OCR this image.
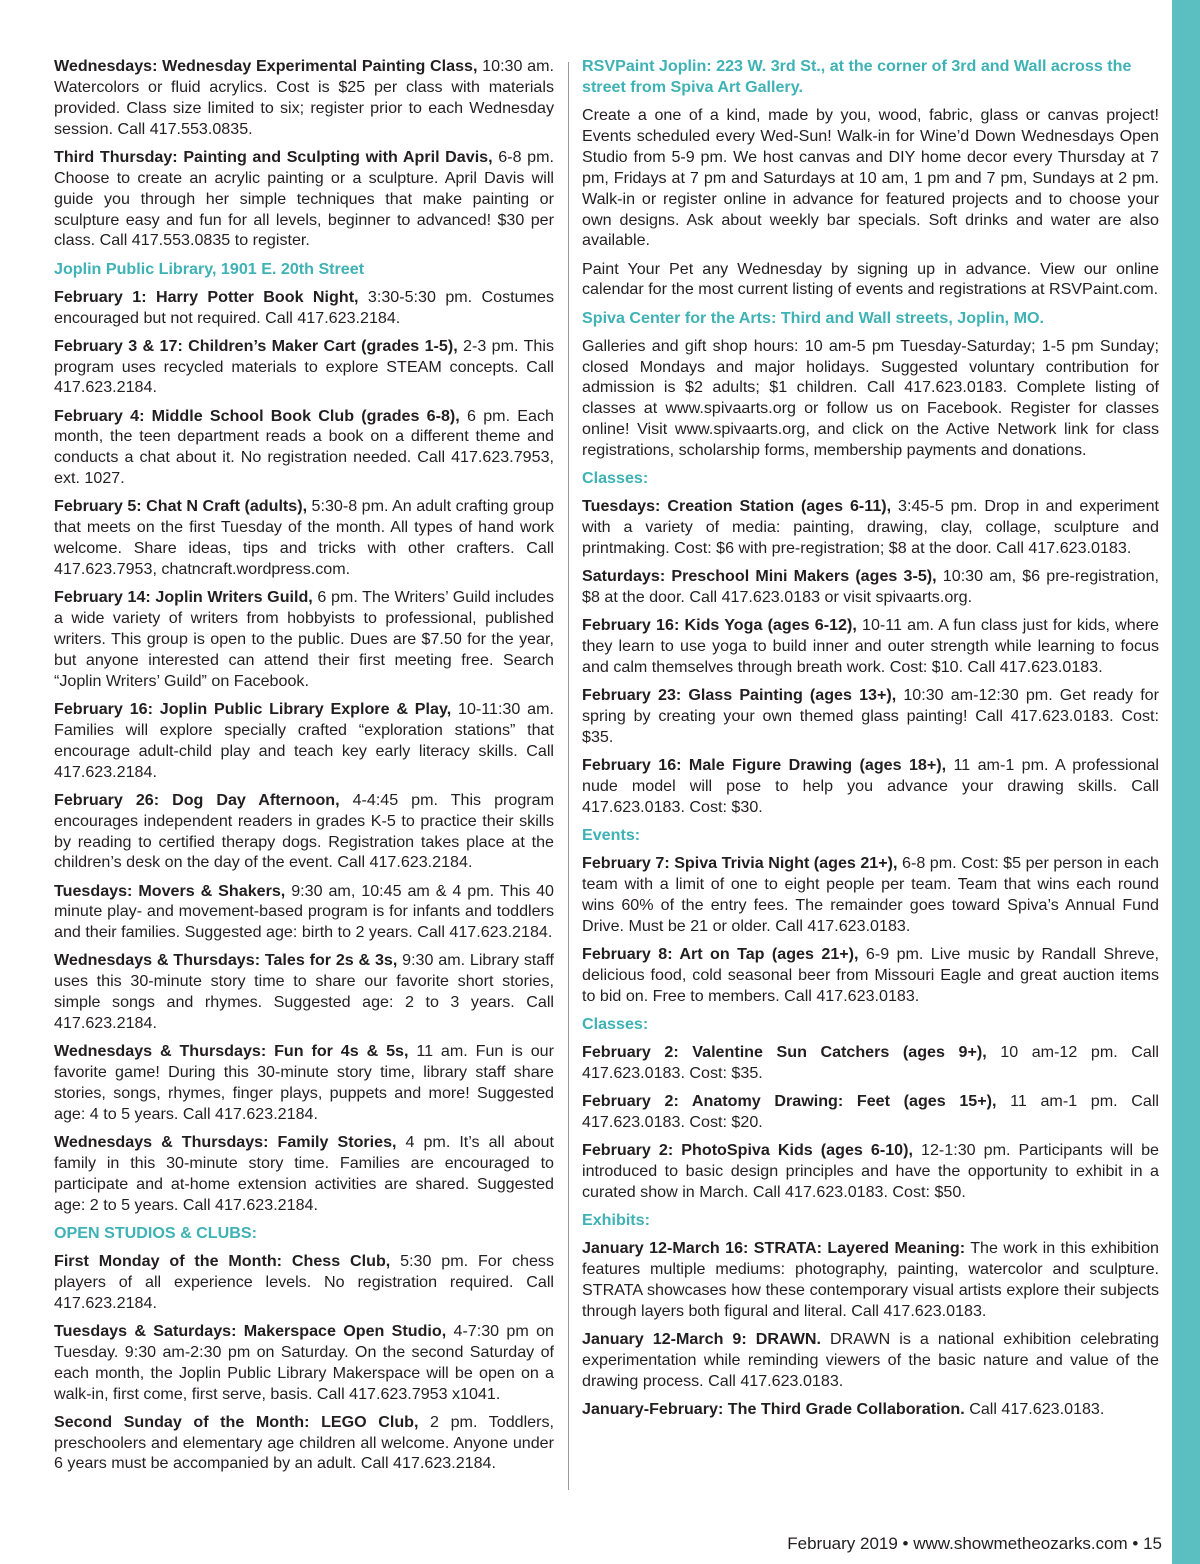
Wednesdays: Wednesday Experimental Painting Class, 10:30 am. Watercolors or fluid acrylics. Cost is $25 per class with materials provided. Class size limited to six; register prior to each Wednesday session. Call 417.553.0835.
Third Thursday: Painting and Sculpting with April Davis, 6-8 pm. Choose to create an acrylic painting or a sculpture. April Davis will guide you through her simple techniques that make painting or sculpture easy and fun for all levels, beginner to advanced! $30 per class. Call 417.553.0835 to register.
Joplin Public Library, 1901 E. 20th Street
February 1: Harry Potter Book Night, 3:30-5:30 pm. Costumes encouraged but not required. Call 417.623.2184.
February 3 & 17: Children’s Maker Cart (grades 1-5), 2-3 pm. This program uses recycled materials to explore STEAM concepts. Call 417.623.2184.
February 4: Middle School Book Club (grades 6-8), 6 pm. Each month, the teen department reads a book on a different theme and conducts a chat about it. No registration needed. Call 417.623.7953, ext. 1027.
February 5: Chat N Craft (adults), 5:30-8 pm. An adult crafting group that meets on the first Tuesday of the month. All types of hand work welcome. Share ideas, tips and tricks with other crafters. Call 417.623.7953, chatncraft.wordpress.com.
February 14: Joplin Writers Guild, 6 pm. The Writers’ Guild includes a wide variety of writers from hobbyists to professional, published writers. This group is open to the public. Dues are $7.50 for the year, but anyone interested can attend their first meeting free. Search “Joplin Writers’ Guild” on Facebook.
February 16: Joplin Public Library Explore & Play, 10-11:30 am. Families will explore specially crafted “exploration stations” that encourage adult-child play and teach key early literacy skills. Call 417.623.2184.
February 26: Dog Day Afternoon, 4-4:45 pm. This program encourages independent readers in grades K-5 to practice their skills by reading to certified therapy dogs. Registration takes place at the children’s desk on the day of the event. Call 417.623.2184.
Tuesdays: Movers & Shakers, 9:30 am, 10:45 am & 4 pm. This 40 minute play- and movement-based program is for infants and toddlers and their families. Suggested age: birth to 2 years. Call 417.623.2184.
Wednesdays & Thursdays: Tales for 2s & 3s, 9:30 am. Library staff uses this 30-minute story time to share our favorite short stories, simple songs and rhymes. Suggested age: 2 to 3 years. Call 417.623.2184.
Wednesdays & Thursdays: Fun for 4s & 5s, 11 am. Fun is our favorite game! During this 30-minute story time, library staff share stories, songs, rhymes, finger plays, puppets and more! Suggested age: 4 to 5 years. Call 417.623.2184.
Wednesdays & Thursdays: Family Stories, 4 pm. It’s all about family in this 30-minute story time. Families are encouraged to participate and at-home extension activities are shared. Suggested age: 2 to 5 years. Call 417.623.2184.
OPEN STUDIOS & CLUBS:
First Monday of the Month: Chess Club, 5:30 pm. For chess players of all experience levels. No registration required. Call 417.623.2184.
Tuesdays & Saturdays: Makerspace Open Studio, 4-7:30 pm on Tuesday. 9:30 am-2:30 pm on Saturday. On the second Saturday of each month, the Joplin Public Library Makerspace will be open on a walk-in, first come, first serve, basis. Call 417.623.7953 x1041.
Second Sunday of the Month: LEGO Club, 2 pm. Toddlers, preschoolers and elementary age children all welcome. Anyone under 6 years must be accompanied by an adult. Call 417.623.2184.
RSVPaint Joplin: 223 W. 3rd St., at the corner of 3rd and Wall across the street from Spiva Art Gallery.
Create a one of a kind, made by you, wood, fabric, glass or canvas project! Events scheduled every Wed-Sun! Walk-in for Wine’d Down Wednesdays Open Studio from 5-9 pm. We host canvas and DIY home decor every Thursday at 7 pm, Fridays at 7 pm and Saturdays at 10 am, 1 pm and 7 pm, Sundays at 2 pm. Walk-in or register online in advance for featured projects and to choose your own designs. Ask about weekly bar specials. Soft drinks and water are also available.
Paint Your Pet any Wednesday by signing up in advance. View our online calendar for the most current listing of events and registrations at RSVPaint.com.
Spiva Center for the Arts: Third and Wall streets, Joplin, MO.
Galleries and gift shop hours: 10 am-5 pm Tuesday-Saturday; 1-5 pm Sunday; closed Mondays and major holidays. Suggested voluntary contribution for admission is $2 adults; $1 children. Call 417.623.0183. Complete listing of classes at www.spivaarts.org or follow us on Facebook. Register for classes online! Visit www.spivaarts.org, and click on the Active Network link for class registrations, scholarship forms, membership payments and donations.
Classes:
Tuesdays: Creation Station (ages 6-11), 3:45-5 pm. Drop in and experiment with a variety of media: painting, drawing, clay, collage, sculpture and printmaking. Cost: $6 with pre-registration; $8 at the door. Call 417.623.0183.
Saturdays: Preschool Mini Makers (ages 3-5), 10:30 am, $6 pre-registration, $8 at the door. Call 417.623.0183 or visit spivaarts.org.
February 16: Kids Yoga (ages 6-12), 10-11 am. A fun class just for kids, where they learn to use yoga to build inner and outer strength while learning to focus and calm themselves through breath work. Cost: $10. Call 417.623.0183.
February 23: Glass Painting (ages 13+), 10:30 am-12:30 pm. Get ready for spring by creating your own themed glass painting! Call 417.623.0183. Cost: $35.
February 16: Male Figure Drawing (ages 18+), 11 am-1 pm. A professional nude model will pose to help you advance your drawing skills. Call 417.623.0183. Cost: $30.
Events:
February 7: Spiva Trivia Night (ages 21+), 6-8 pm. Cost: $5 per person in each team with a limit of one to eight people per team. Team that wins each round wins 60% of the entry fees. The remainder goes toward Spiva’s Annual Fund Drive. Must be 21 or older. Call 417.623.0183.
February 8: Art on Tap (ages 21+), 6-9 pm. Live music by Randall Shreve, delicious food, cold seasonal beer from Missouri Eagle and great auction items to bid on. Free to members. Call 417.623.0183.
Classes:
February 2: Valentine Sun Catchers (ages 9+), 10 am-12 pm. Call 417.623.0183. Cost: $35.
February 2: Anatomy Drawing: Feet (ages 15+), 11 am-1 pm. Call 417.623.0183. Cost: $20.
February 2: PhotoSpiva Kids (ages 6-10), 12-1:30 pm. Participants will be introduced to basic design principles and have the opportunity to exhibit in a curated show in March. Call 417.623.0183. Cost: $50.
Exhibits:
January 12-March 16: STRATA: Layered Meaning: The work in this exhibition features multiple mediums: photography, painting, watercolor and sculpture. STRATA showcases how these contemporary visual artists explore their subjects through layers both figural and literal. Call 417.623.0183.
January 12-March 9: DRAWN. DRAWN is a national exhibition celebrating experimentation while reminding viewers of the basic nature and value of the drawing process. Call 417.623.0183.
January-February: The Third Grade Collaboration. Call 417.623.0183.
February 2019 • www.showmetheozarks.com • 15
